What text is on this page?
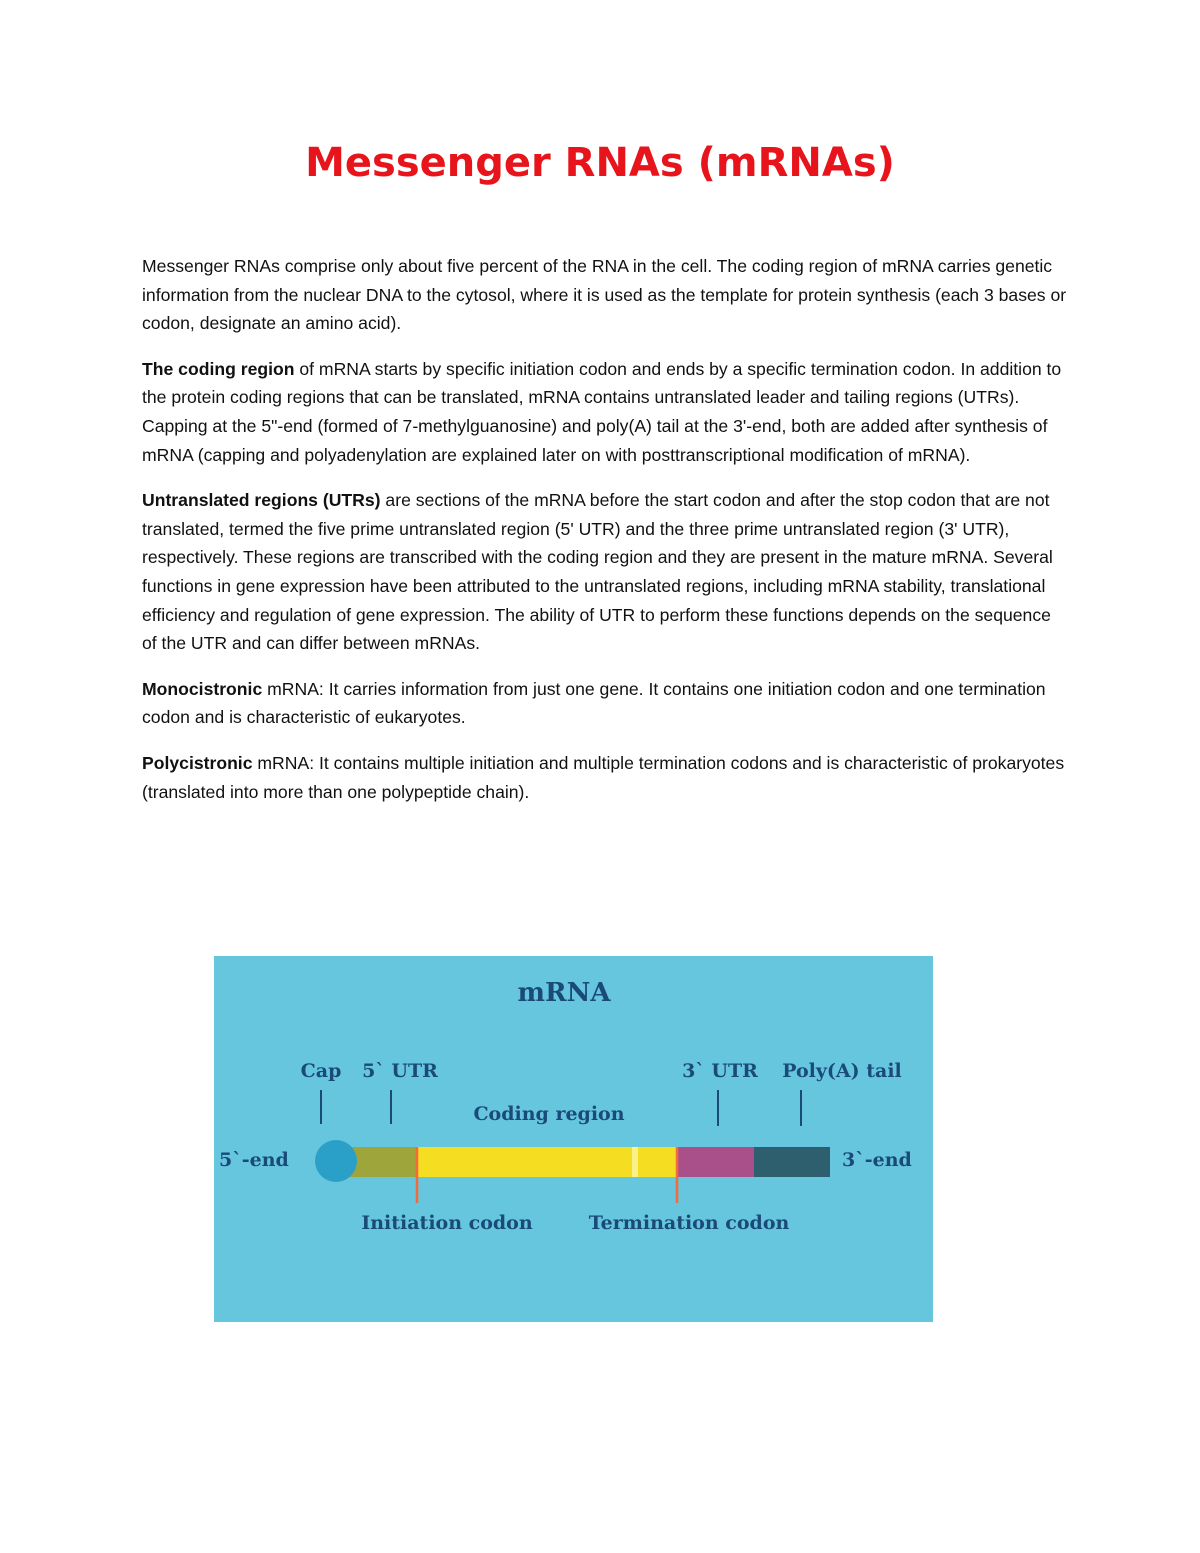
Messenger RNAs (mRNAs)

Messenger RNAs comprise only about five percent of the RNA in the cell. The coding region of mRNA carries genetic information from the nuclear DNA to the cytosol, where it is used as the template for protein synthesis (each 3 bases or codon, designate an amino acid).

The coding region of mRNA starts by specific initiation codon and ends by a specific termination codon. In addition to the protein coding regions that can be translated, mRNA contains untranslated leader and tailing regions (UTRs). Capping at the 5"-end (formed of 7-methylguanosine) and poly(A) tail at the 3'-end, both are added after synthesis of mRNA (capping and polyadenylation are explained later on with posttranscriptional modification of mRNA).

Untranslated regions (UTRs) are sections of the mRNA before the start codon and after the stop codon that are not translated, termed the five prime untranslated region (5' UTR) and the three prime untranslated region (3' UTR), respectively. These regions are transcribed with the coding region and they are present in the mature mRNA. Several functions in gene expression have been attributed to the untranslated regions, including mRNA stability, translational efficiency and regulation of gene expression. The ability of UTR to perform these functions depends on the sequence of the UTR and can differ between mRNAs.

Monocistronic mRNA: It carries information from just one gene. It contains one initiation codon and one termination codon and is characteristic of eukaryotes.

Polycistronic mRNA: It contains multiple initiation and multiple termination codons and is characteristic of prokaryotes (translated into more than one polypeptide chain).

mRNA
Cap 5` UTR
Coding region
3` UTR Poly(A) tail
5`-end	3`-end
Initiation codon	Termination codon
